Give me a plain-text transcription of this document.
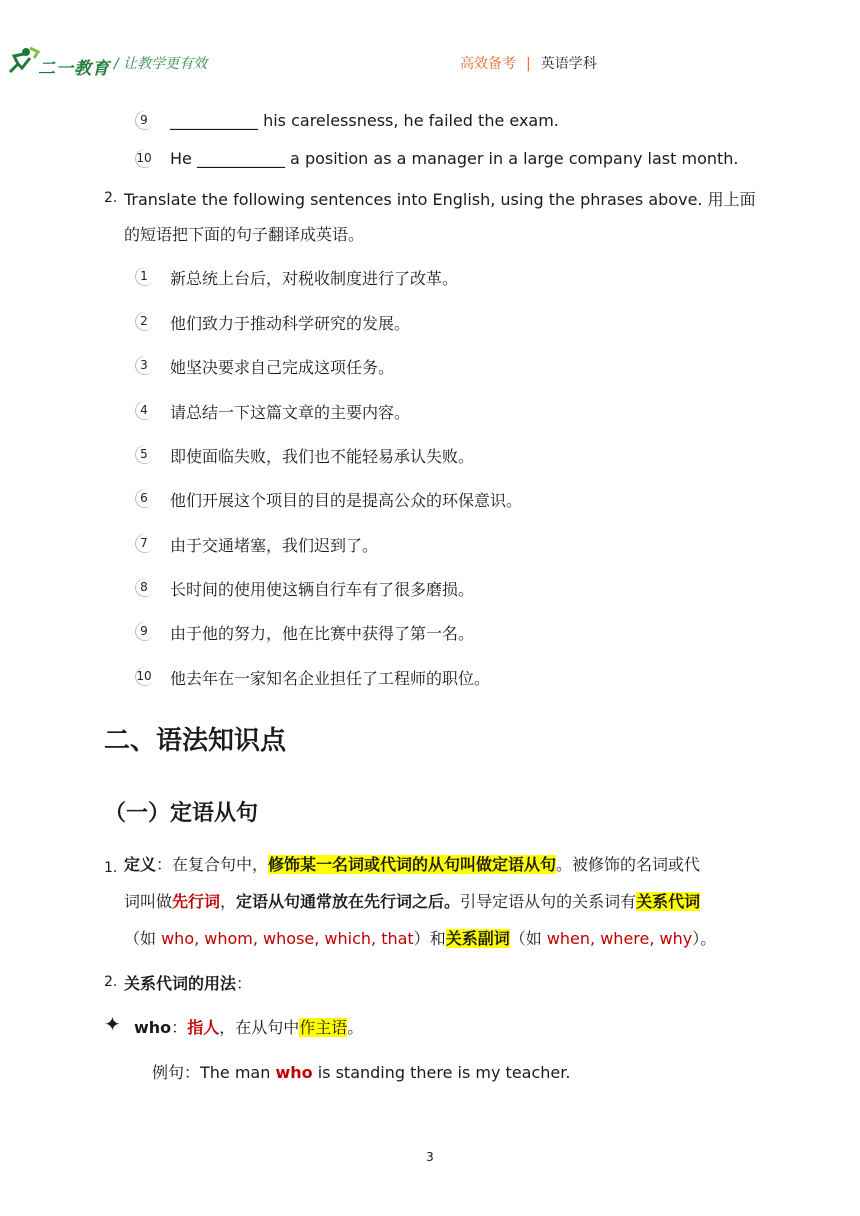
二一教育 / 让教学更有效	高效备考 | 英语学科
9	___________ his carelessness, he failed the exam.
10 He ___________ a position as a manager in a large company last month.
2. Translate the following sentences into English, using the phrases above. 用上面
的短语把下面的句子翻译成英语。
1	新总统上台后，对税收制度进行了改革。
2	他们致力于推动科学研究的发展。
3	她坚决要求自己完成这项任务。
4	请总结一下这篇文章的主要内容。
5	即使面临失败，我们也不能轻易承认失败。
6	他们开展这个项目的目的是提高公众的环保意识。
7	由于交通堵塞，我们迟到了。
8	长时间的使用使这辆自行车有了很多磨损。
9	由于他的努力，他在比赛中获得了第一名。
10 他去年在一家知名企业担任了工程师的职位。
二、语法知识点
（一）定语从句
1. 定义：在复合句中，修饰某一名词或代词的从句叫做定语从句。被修饰的名词或代
词叫做先行词，定语从句通常放在先行词之后。引导定语从句的关系词有关系代词
（如 who, whom, whose, which, that）和关系副词（如 when, where, why）。
2. 关系代词的用法：
✦ who：指人，在从句中作主语。
例句：The man who is standing there is my teacher.
3
